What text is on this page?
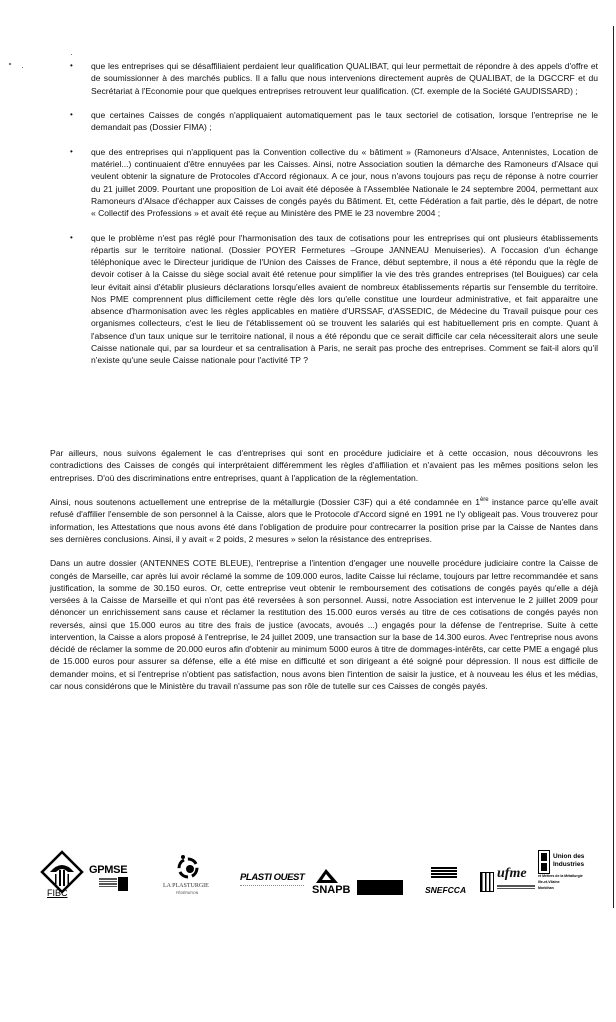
• que les entreprises qui se désaffiliaient perdaient leur qualification QUALIBAT, qui leur permettait de répondre à des appels d'offre et de soumissionner à des marchés publics. Il a fallu que nous intervenions directement auprès de QUALIBAT, de la DGCCRF et du Secrétariat à l'Economie pour que quelques entreprises retrouvent leur qualification. (Cf. exemple de la Société GAUDISSARD) ;

• que certaines Caisses de congés n'appliquaient automatiquement pas le taux sectoriel de cotisation, lorsque l'entreprise ne le demandait pas (Dossier FIMA) ;

• que des entreprises qui n'appliquent pas la Convention collective du « bâtiment » (Ramoneurs d'Alsace, Antennistes, Location de matériel...) continuaient d'être ennuyées par les Caisses. Ainsi, notre Association soutien la démarche des Ramoneurs d'Alsace qui veulent obtenir la signature de Protocoles d'Accord régionaux. A ce jour, nous n'avons toujours pas reçu de réponse à notre courrier du 21 juillet 2009. Pourtant une proposition de Loi avait été déposée à l'Assemblée Nationale le 24 septembre 2004, permettant aux Ramoneurs d'Alsace d'échapper aux Caisses de congés payés du Bâtiment. Et, cette Fédération a fait partie, dès le départ, de notre « Collectif des Professions » et avait été reçue au Ministère des PME le 23 novembre 2004 ;

• que le problème n'est pas réglé pour l'harmonisation des taux de cotisations pour les entreprises qui ont plusieurs établissements répartis sur le territoire national. (Dossier POYER Fermetures –Groupe JANNEAU Menuiseries). A l'occasion d'un échange téléphonique avec le Directeur juridique de l'Union des Caisses de France, début septembre, il nous a été répondu que la règle de devoir cotiser à la Caisse du siège social avait été retenue pour simplifier la vie des très grandes entreprises (tel Bouigues) car cela leur évitait ainsi d'établir plusieurs déclarations lorsqu'elles avaient de nombreux établissements répartis sur l'ensemble du territoire. Nos PME comprennent plus difficilement cette règle dès lors qu'elle constitue une lourdeur administrative, et fait apparaitre une absence d'harmonisation avec les règles applicables en matière d'URSSAF, d'ASSEDIC, de Médecine du Travail puisque pour ces organismes collecteurs, c'est le lieu de l'établissement où se trouvent les salariés qui est habituellement pris en compte. Quant à l'absence d'un taux unique sur le territoire national, il nous a été répondu que ce serait difficile car cela nécessiterait alors une seule Caisse nationale qui, par sa lourdeur et sa centralisation à Paris, ne serait pas proche des entreprises. Comment se fait-il alors qu'il n'existe qu'une seule Caisse nationale pour l'activité TP ?

Par ailleurs, nous suivons également le cas d'entreprises qui sont en procédure judiciaire et à cette occasion, nous découvrons les contradictions des Caisses de congés qui interprétaient différemment les règles d'affiliation et n'avaient pas les mêmes positions selon les entreprises. D'où des discriminations entre entreprises, quant à l'application de la règlementation.

Ainsi, nous soutenons actuellement une entreprise de la métallurgie (Dossier C3F) qui a été condamnée en 1ère instance parce qu'elle avait refusé d'affilier l'ensemble de son personnel à la Caisse, alors que le Protocole d'Accord signé en 1991 ne l'y obligeait pas. Vous trouverez pour information, les Attestations que nous avons été dans l'obligation de produire pour contrecarrer la position prise par la Caisse de Nantes dans ses dernières conclusions. Ainsi, il y avait « 2 poids, 2 mesures » selon la résistance des entreprises.

Dans un autre dossier (ANTENNES COTE BLEUE), l'entreprise a l'intention d'engager une nouvelle procédure judiciaire contre la Caisse de congés de Marseille, car après lui avoir réclamé la somme de 109.000 euros, ladite Caisse lui réclame, toujours par lettre recommandée et sans justification, la somme de 30.150 euros. Or, cette entreprise veut obtenir le remboursement des cotisations de congés payés qu'elle a déjà versées à la Caisse de Marseille et qui n'ont pas été reversées à son personnel. Aussi, notre Association est intervenue le 2 juillet 2009 pour dénoncer un enrichissement sans cause et réclamer la restitution des 15.000 euros versés au titre de ces cotisations de congés payés non reversés, ainsi que 15.000 euros au titre des frais de justice (avocats, avoués ...) engagés pour la défense de l'entreprise. Suite à cette intervention, la Caisse a alors proposé à l'entreprise, le 24 juillet 2009, une transaction sur la base de 14.300 euros. Avec l'entreprise nous avons décidé de réclamer la somme de 20.000 euros afin d'obtenir au minimum 5000 euros à titre de dommages-intérêts, car cette PME a engagé plus de 15.000 euros pour assurer sa défense, elle a été mise en difficulté et son dirigeant a été soigné pour dépression. Il nous est difficile de demander moins, et si l'entreprise n'obtient pas satisfaction, nous avons bien l'intention de saisir la justice, et à nouveau les élus et les médias, car nous considérons que le Ministère du travail n'assume pas son rôle de tutelle sur ces Caisses de congés payés.

FIBC
GPMSE
LA PLASTURGIE
FÉDÉRATION
PLASTI OUEST
SNAPB	SNEFCCA
ufme
Union des
Industries
et Métiers de la Métallurgie
Ille-et-Vilaine
Morbihan
